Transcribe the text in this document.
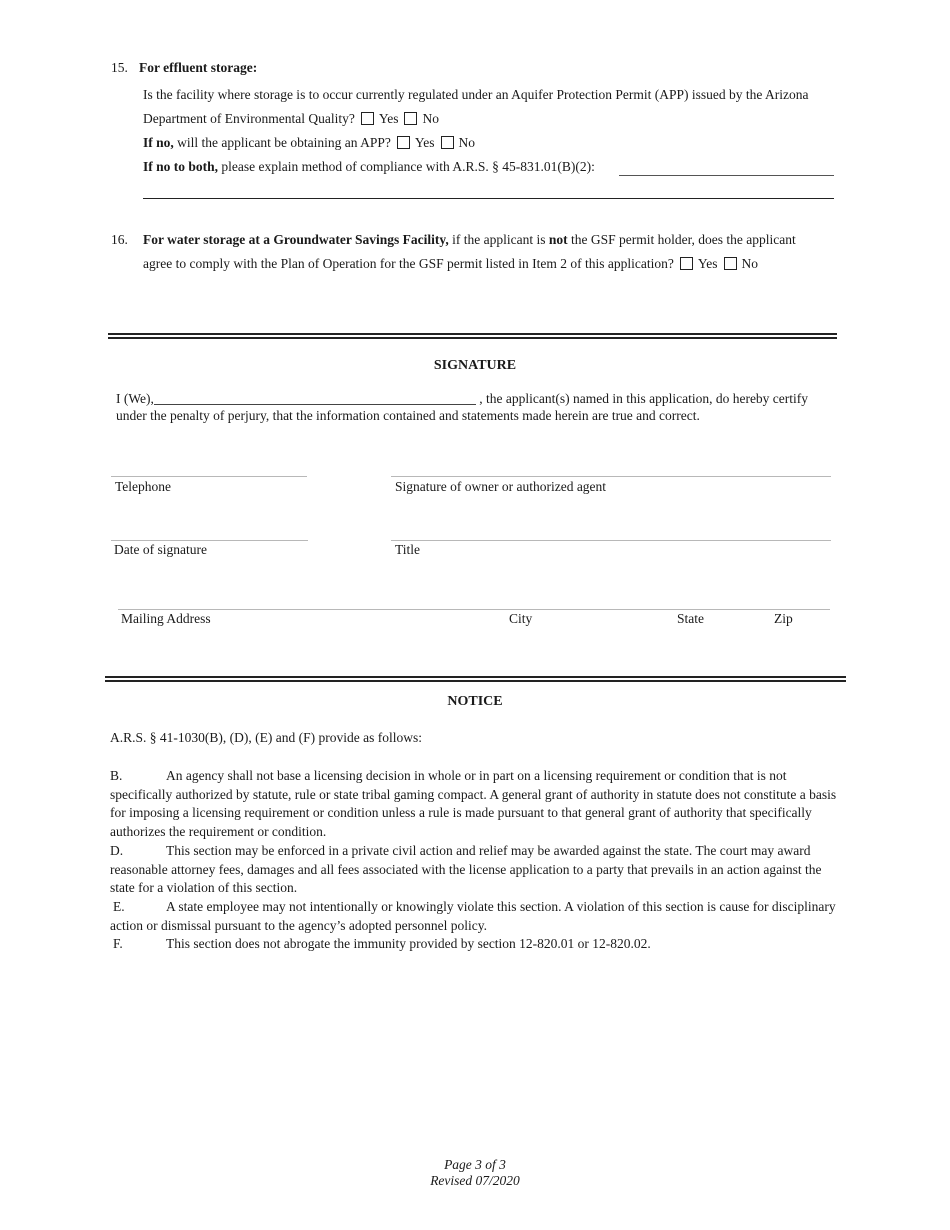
15. For effluent storage:
Is the facility where storage is to occur currently regulated under an Aquifer Protection Permit (APP) issued by the Arizona
Department of Environmental Quality? Yes No
If no, will the applicant be obtaining an APP? Yes No
If no to both, please explain method of compliance with A.R.S. § 45-831.01(B)(2):
16. For water storage at a Groundwater Savings Facility, if the applicant is not the GSF permit holder, does the applicant
agree to comply with the Plan of Operation for the GSF permit listed in Item 2 of this application? Yes No
SIGNATURE
I (We),	, the applicant(s) named in this application, do hereby certify
under the penalty of perjury, that the information contained and statements made herein are true and correct.
Telephone	Signature of owner or authorized agent
Date of signature	Title
Mailing Address	City	State	Zip
NOTICE
A.R.S. § 41-1030(B), (D), (E) and (F) provide as follows:
B.	An agency shall not base a licensing decision in whole or in part on a licensing requirement or condition that is not specifically authorized by statute, rule or state tribal gaming compact. A general grant of authority in statute does not constitute a basis for imposing a licensing requirement or condition unless a rule is made pursuant to that general grant of authority that specifically authorizes the requirement or condition.
D.	This section may be enforced in a private civil action and relief may be awarded against the state. The court may award reasonable attorney fees, damages and all fees associated with the license application to a party that prevails in an action against the state for a violation of this section.
E.	A state employee may not intentionally or knowingly violate this section. A violation of this section is cause for disciplinary action or dismissal pursuant to the agency’s adopted personnel policy.
F.	This section does not abrogate the immunity provided by section 12-820.01 or 12-820.02.
Page 3 of 3
Revised 07/2020
